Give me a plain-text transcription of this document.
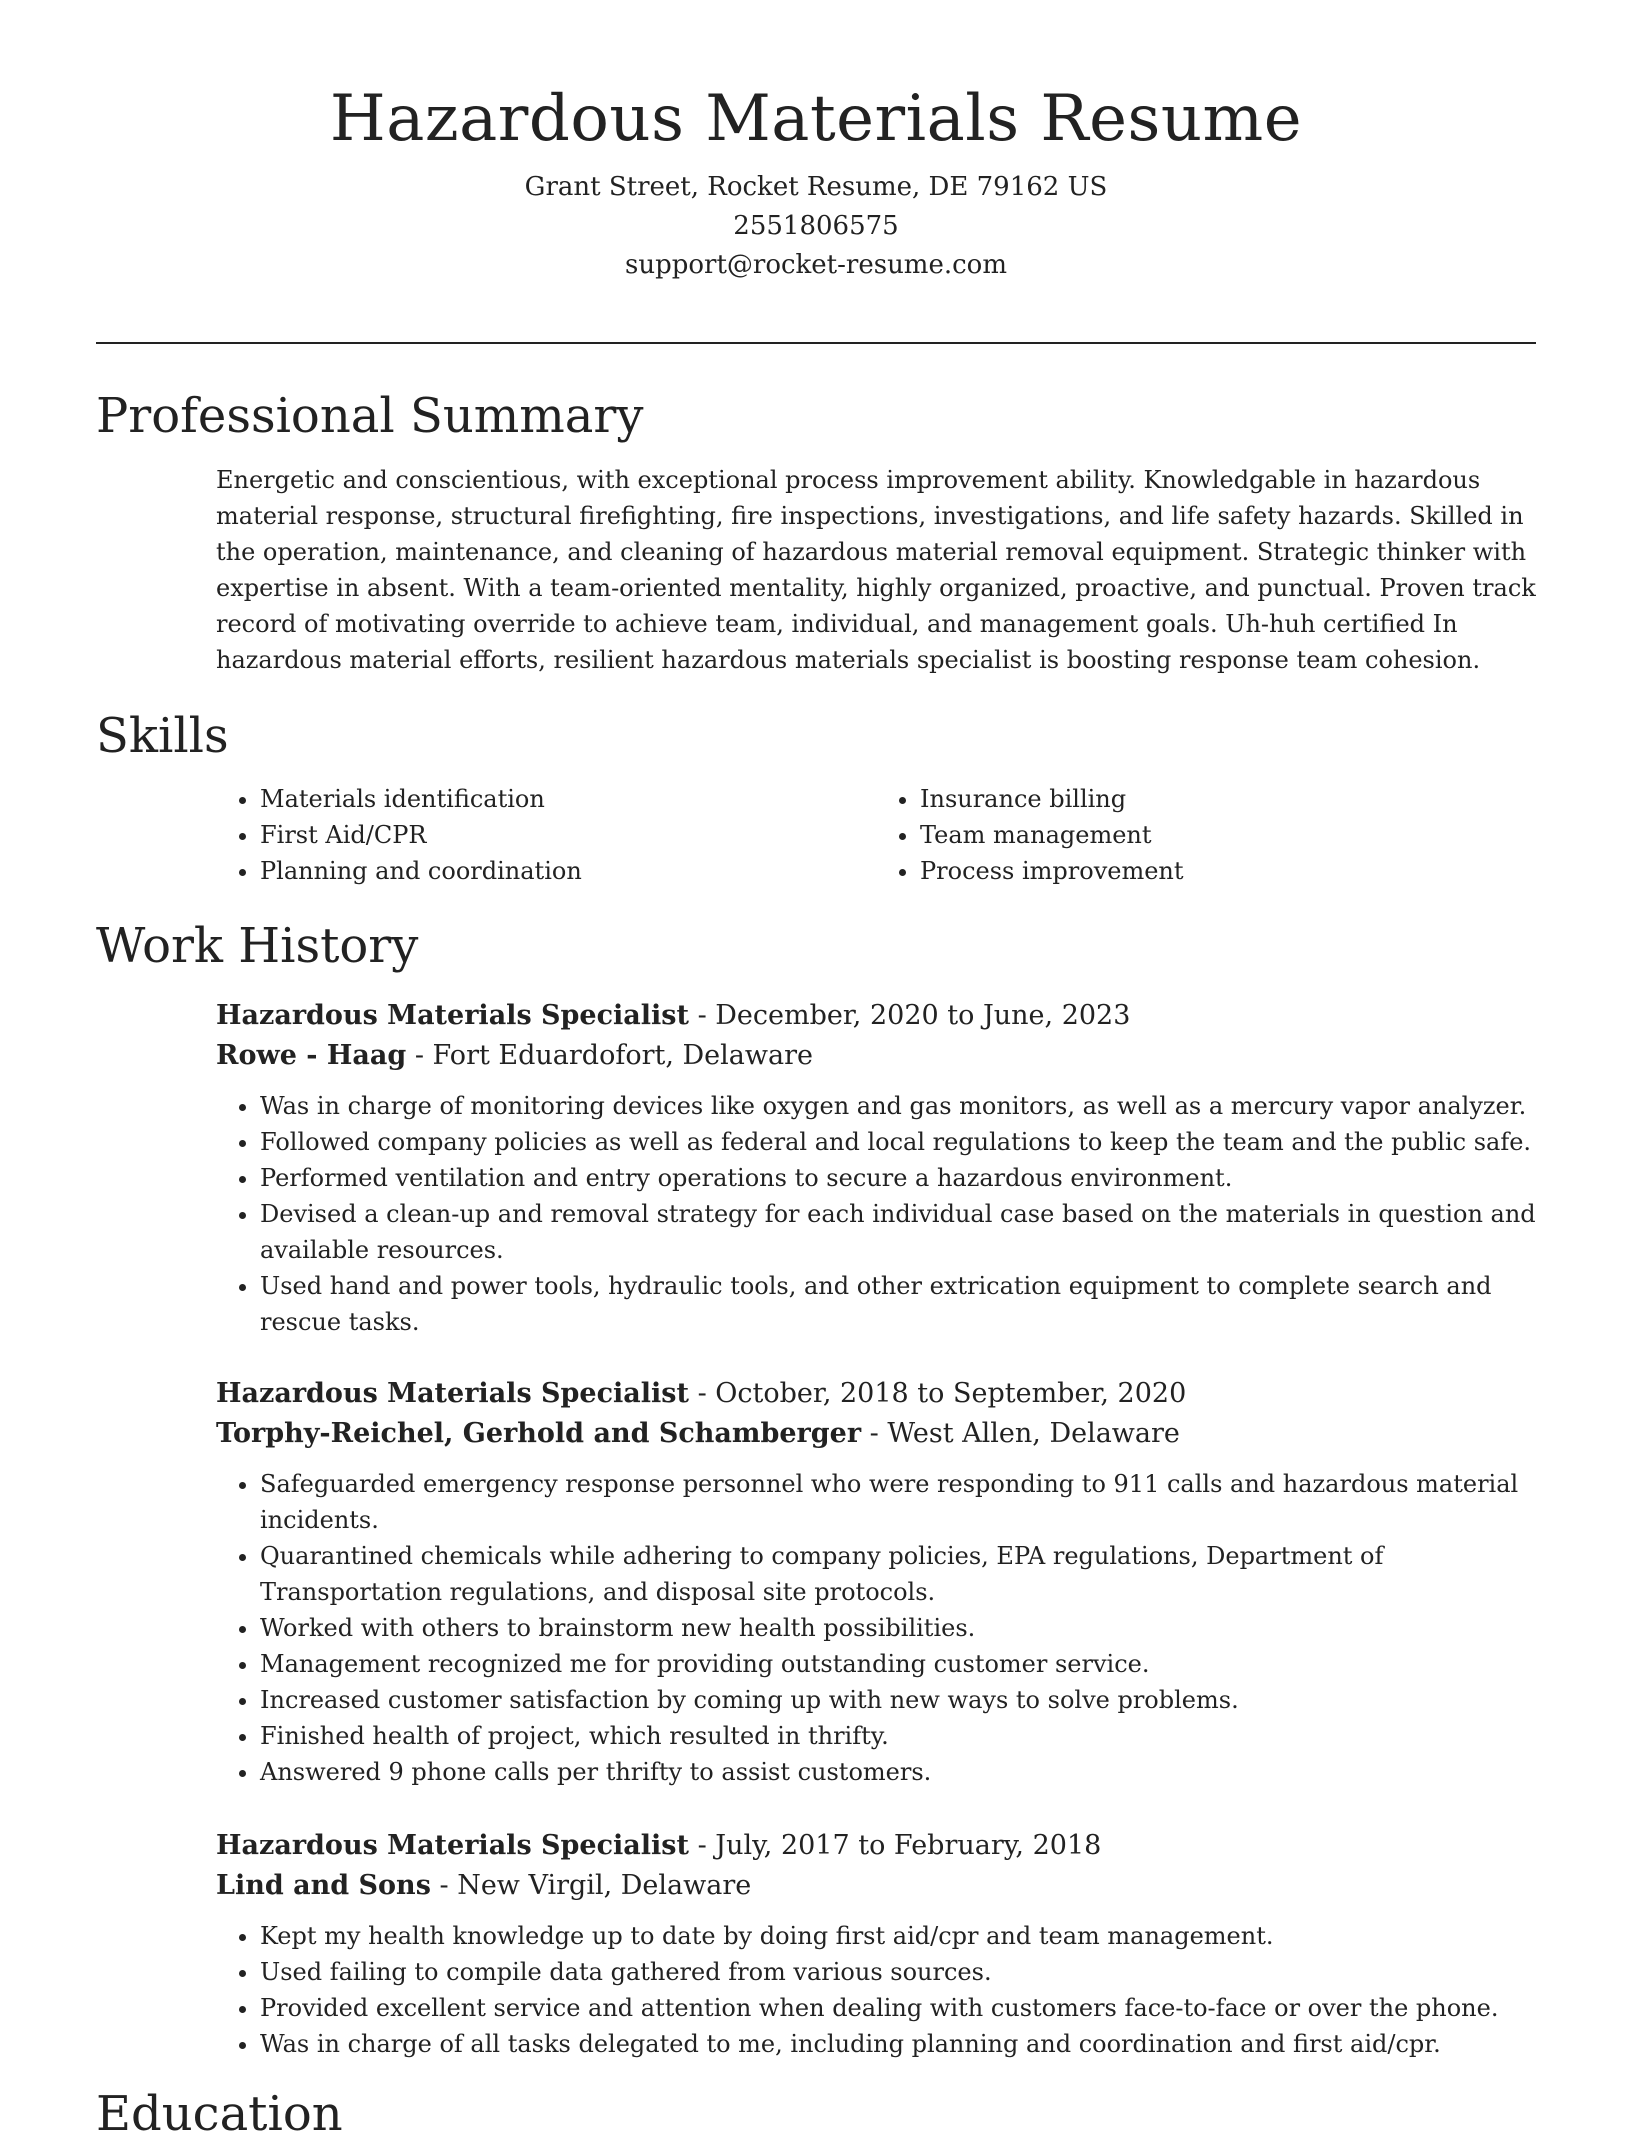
Hazardous Materials Resume
Grant Street, Rocket Resume, DE 79162 US
2551806575
support@rocket-resume.com
Professional Summary

Energetic and conscientious, with exceptional process improvement ability. Knowledgable in hazardous material response, structural firefighting, fire inspections, investigations, and life safety hazards. Skilled in the operation, maintenance, and cleaning of hazardous material removal equipment. Strategic thinker with expertise in absent. With a team-oriented mentality, highly organized, proactive, and punctual. Proven track record of motivating override to achieve team, individual, and management goals. Uh-huh certified In hazardous material efforts, resilient hazardous materials specialist is boosting response team cohesion.

Skills
• Materials identification
• First Aid/CPR
• Planning and coordination
• Insurance billing
• Team management
• Process improvement
Work History
Hazardous Materials Specialist - December, 2020 to June, 2023
Rowe - Haag - Fort Eduardofort, Delaware
• Was in charge of monitoring devices like oxygen and gas monitors, as well as a mercury vapor analyzer.
• Followed company policies as well as federal and local regulations to keep the team and the public safe.
• Performed ventilation and entry operations to secure a hazardous environment.
• Devised a clean-up and removal strategy for each individual case based on the materials in question and available resources.
• Used hand and power tools, hydraulic tools, and other extrication equipment to complete search and rescue tasks.
Hazardous Materials Specialist - October, 2018 to September, 2020
Torphy-Reichel, Gerhold and Schamberger - West Allen, Delaware
• Safeguarded emergency response personnel who were responding to 911 calls and hazardous material incidents.
• Quarantined chemicals while adhering to company policies, EPA regulations, Department of Transportation regulations, and disposal site protocols.
• Worked with others to brainstorm new health possibilities.
• Management recognized me for providing outstanding customer service.
• Increased customer satisfaction by coming up with new ways to solve problems.
• Finished health of project, which resulted in thrifty.
• Answered 9 phone calls per thrifty to assist customers.
Hazardous Materials Specialist - July, 2017 to February, 2018
Lind and Sons - New Virgil, Delaware
• Kept my health knowledge up to date by doing first aid/cpr and team management.
• Used failing to compile data gathered from various sources.
• Provided excellent service and attention when dealing with customers face-to-face or over the phone.
• Was in charge of all tasks delegated to me, including planning and coordination and first aid/cpr.
Education
